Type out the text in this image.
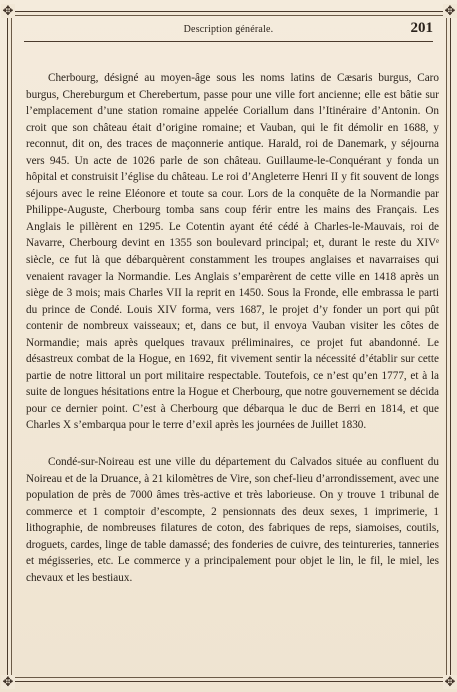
✥	✥
✥	✥
Description générale.	201

Cherbourg, désigné au moyen-âge sous les noms latins de Cæsaris burgus, Caro burgus, Chereburgum et Cherebertum, passe pour une ville fort ancienne; elle est bâtie sur l’emplacement d’une station romaine appelée Coriallum dans l’Itinéraire d’Antonin. On croit que son château était d’origine romaine; et Vauban, qui le fit démolir en 1688, y reconnut, dit on, des traces de maçonnerie antique. Harald, roi de Danemark, y séjourna vers 945. Un acte de 1026 parle de son château. Guillaume-le-Conquérant y fonda un hôpital et construisit l’église du château. Le roi d’Angleterre Henri II y fit souvent de longs séjours avec le reine Eléonore et toute sa cour. Lors de la conquête de la Normandie par Philippe-Auguste, Cherbourg tomba sans coup férir entre les mains des Français. Les Anglais le pillèrent en 1295. Le Cotentin ayant été cédé à Charles-le-Mauvais, roi de Navarre, Cherbourg devint en 1355 son boulevard principal; et, durant le reste du XIVᵉ siècle, ce fut là que débarquèrent constamment les troupes anglaises et navarraises qui venaient ravager la Normandie. Les Anglais s’emparèrent de cette ville en 1418 après un siège de 3 mois; mais Charles VII la reprit en 1450. Sous la Fronde, elle embrassa le parti du prince de Condé. Louis XIV forma, vers 1687, le projet d’y fonder un port qui pût contenir de nombreux vaisseaux; et, dans ce but, il envoya Vauban visiter les côtes de Normandie; mais après quelques travaux préliminaires, ce projet fut abandonné. Le désastreux combat de la Hogue, en 1692, fit vivement sentir la nécessité d’établir sur cette partie de notre littoral un port militaire respectable. Toutefois, ce n’est qu’en 1777, et à la suite de longues hésitations entre la Hogue et Cherbourg, que notre gouvernement se décida pour ce dernier point. C’est à Cherbourg que débarqua le duc de Berri en 1814, et que Charles X s’embarqua pour le terre d’exil après les journées de Juillet 1830.

Condé-sur-Noireau est une ville du département du Calvados située au confluent du Noireau et de la Druance, à 21 kilomètres de Vire, son chef-lieu d’arrondissement, avec une population de près de 7000 âmes très-active et très laborieuse. On y trouve 1 tribunal de commerce et 1 comptoir d’escompte, 2 pensionnats des deux sexes, 1 imprimerie, 1 lithographie, de nombreuses filatures de coton, des fabriques de reps, siamoises, coutils, droguets, cardes, linge de table damassé; des fonderies de cuivre, des teintureries, tanneries et mégisseries, etc. Le commerce y a principalement pour objet le lin, le fil, le miel, les chevaux et les bestiaux.
